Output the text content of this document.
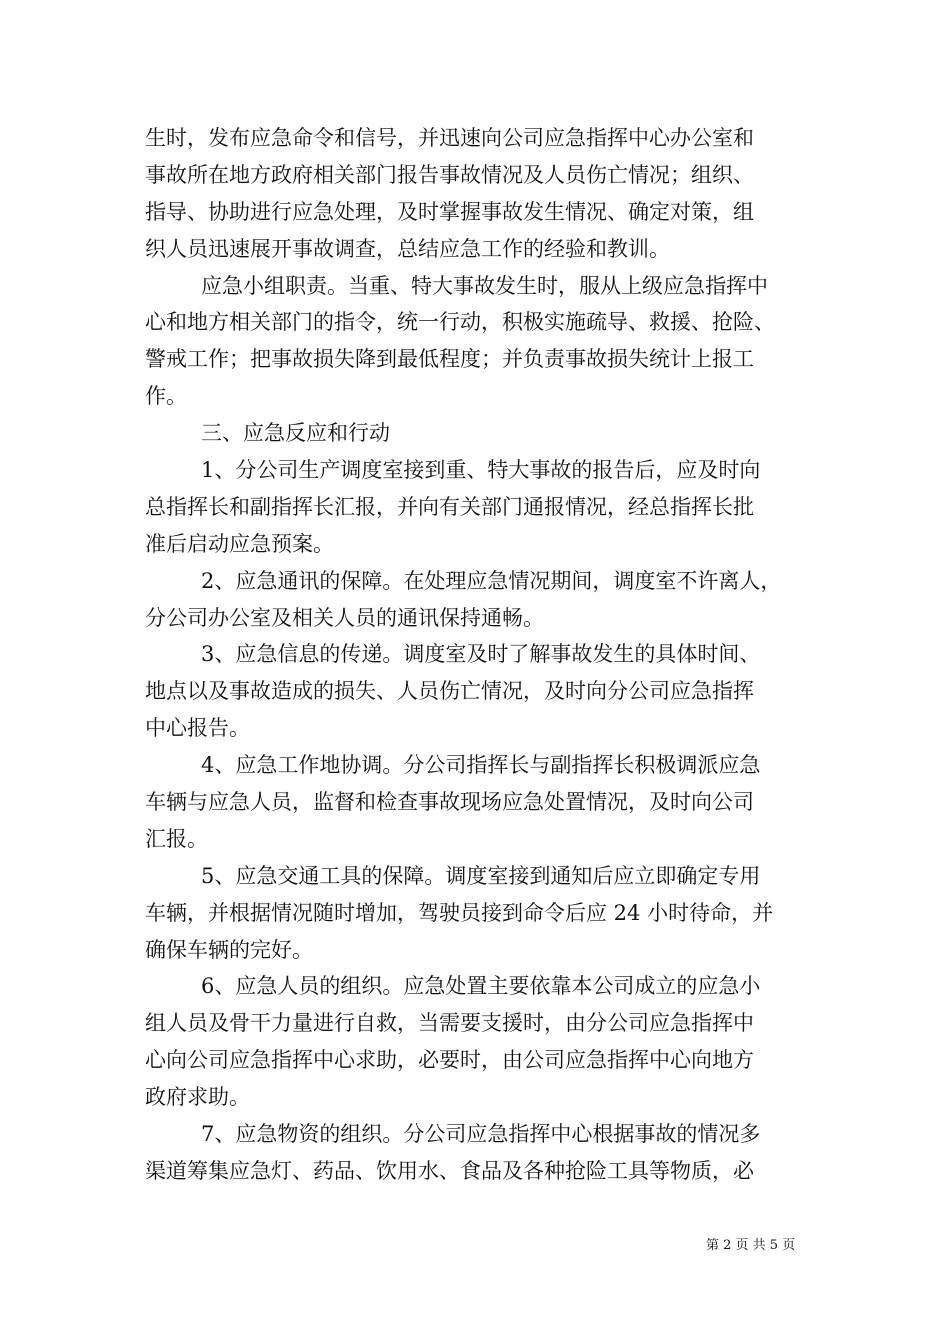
生时，发布应急命令和信号，并迅速向公司应急指挥中心办公室和
事故所在地方政府相关部门报告事故情况及人员伤亡情况；组织、
指导、协助进行应急处理，及时掌握事故发生情况、确定对策，组
织人员迅速展开事故调查，总结应急工作的经验和教训。
应急小组职责。当重、特大事故发生时，服从上级应急指挥中
心和地方相关部门的指令，统一行动，积极实施疏导、救援、抢险、
警戒工作；把事故损失降到最低程度；并负责事故损失统计上报工
作。
三、应急反应和行动
1、分公司生产调度室接到重、特大事故的报告后，应及时向
总指挥长和副指挥长汇报，并向有关部门通报情况，经总指挥长批
准后启动应急预案。
2、应急通讯的保障。在处理应急情况期间，调度室不许离人，
分公司办公室及相关人员的通讯保持通畅。
3、应急信息的传递。调度室及时了解事故发生的具体时间、
地点以及事故造成的损失、人员伤亡情况，及时向分公司应急指挥
中心报告。
4、应急工作地协调。分公司指挥长与副指挥长积极调派应急
车辆与应急人员，监督和检查事故现场应急处置情况，及时向公司
汇报。
5、应急交通工具的保障。调度室接到通知后应立即确定专用
车辆，并根据情况随时增加，驾驶员接到命令后应 24 小时待命，并
确保车辆的完好。
6、应急人员的组织。应急处置主要依靠本公司成立的应急小
组人员及骨干力量进行自救，当需要支援时，由分公司应急指挥中
心向公司应急指挥中心求助，必要时，由公司应急指挥中心向地方
政府求助。
7、应急物资的组织。分公司应急指挥中心根据事故的情况多
渠道筹集应急灯、药品、饮用水、食品及各种抢险工具等物质，必
第 2 页 共 5 页
